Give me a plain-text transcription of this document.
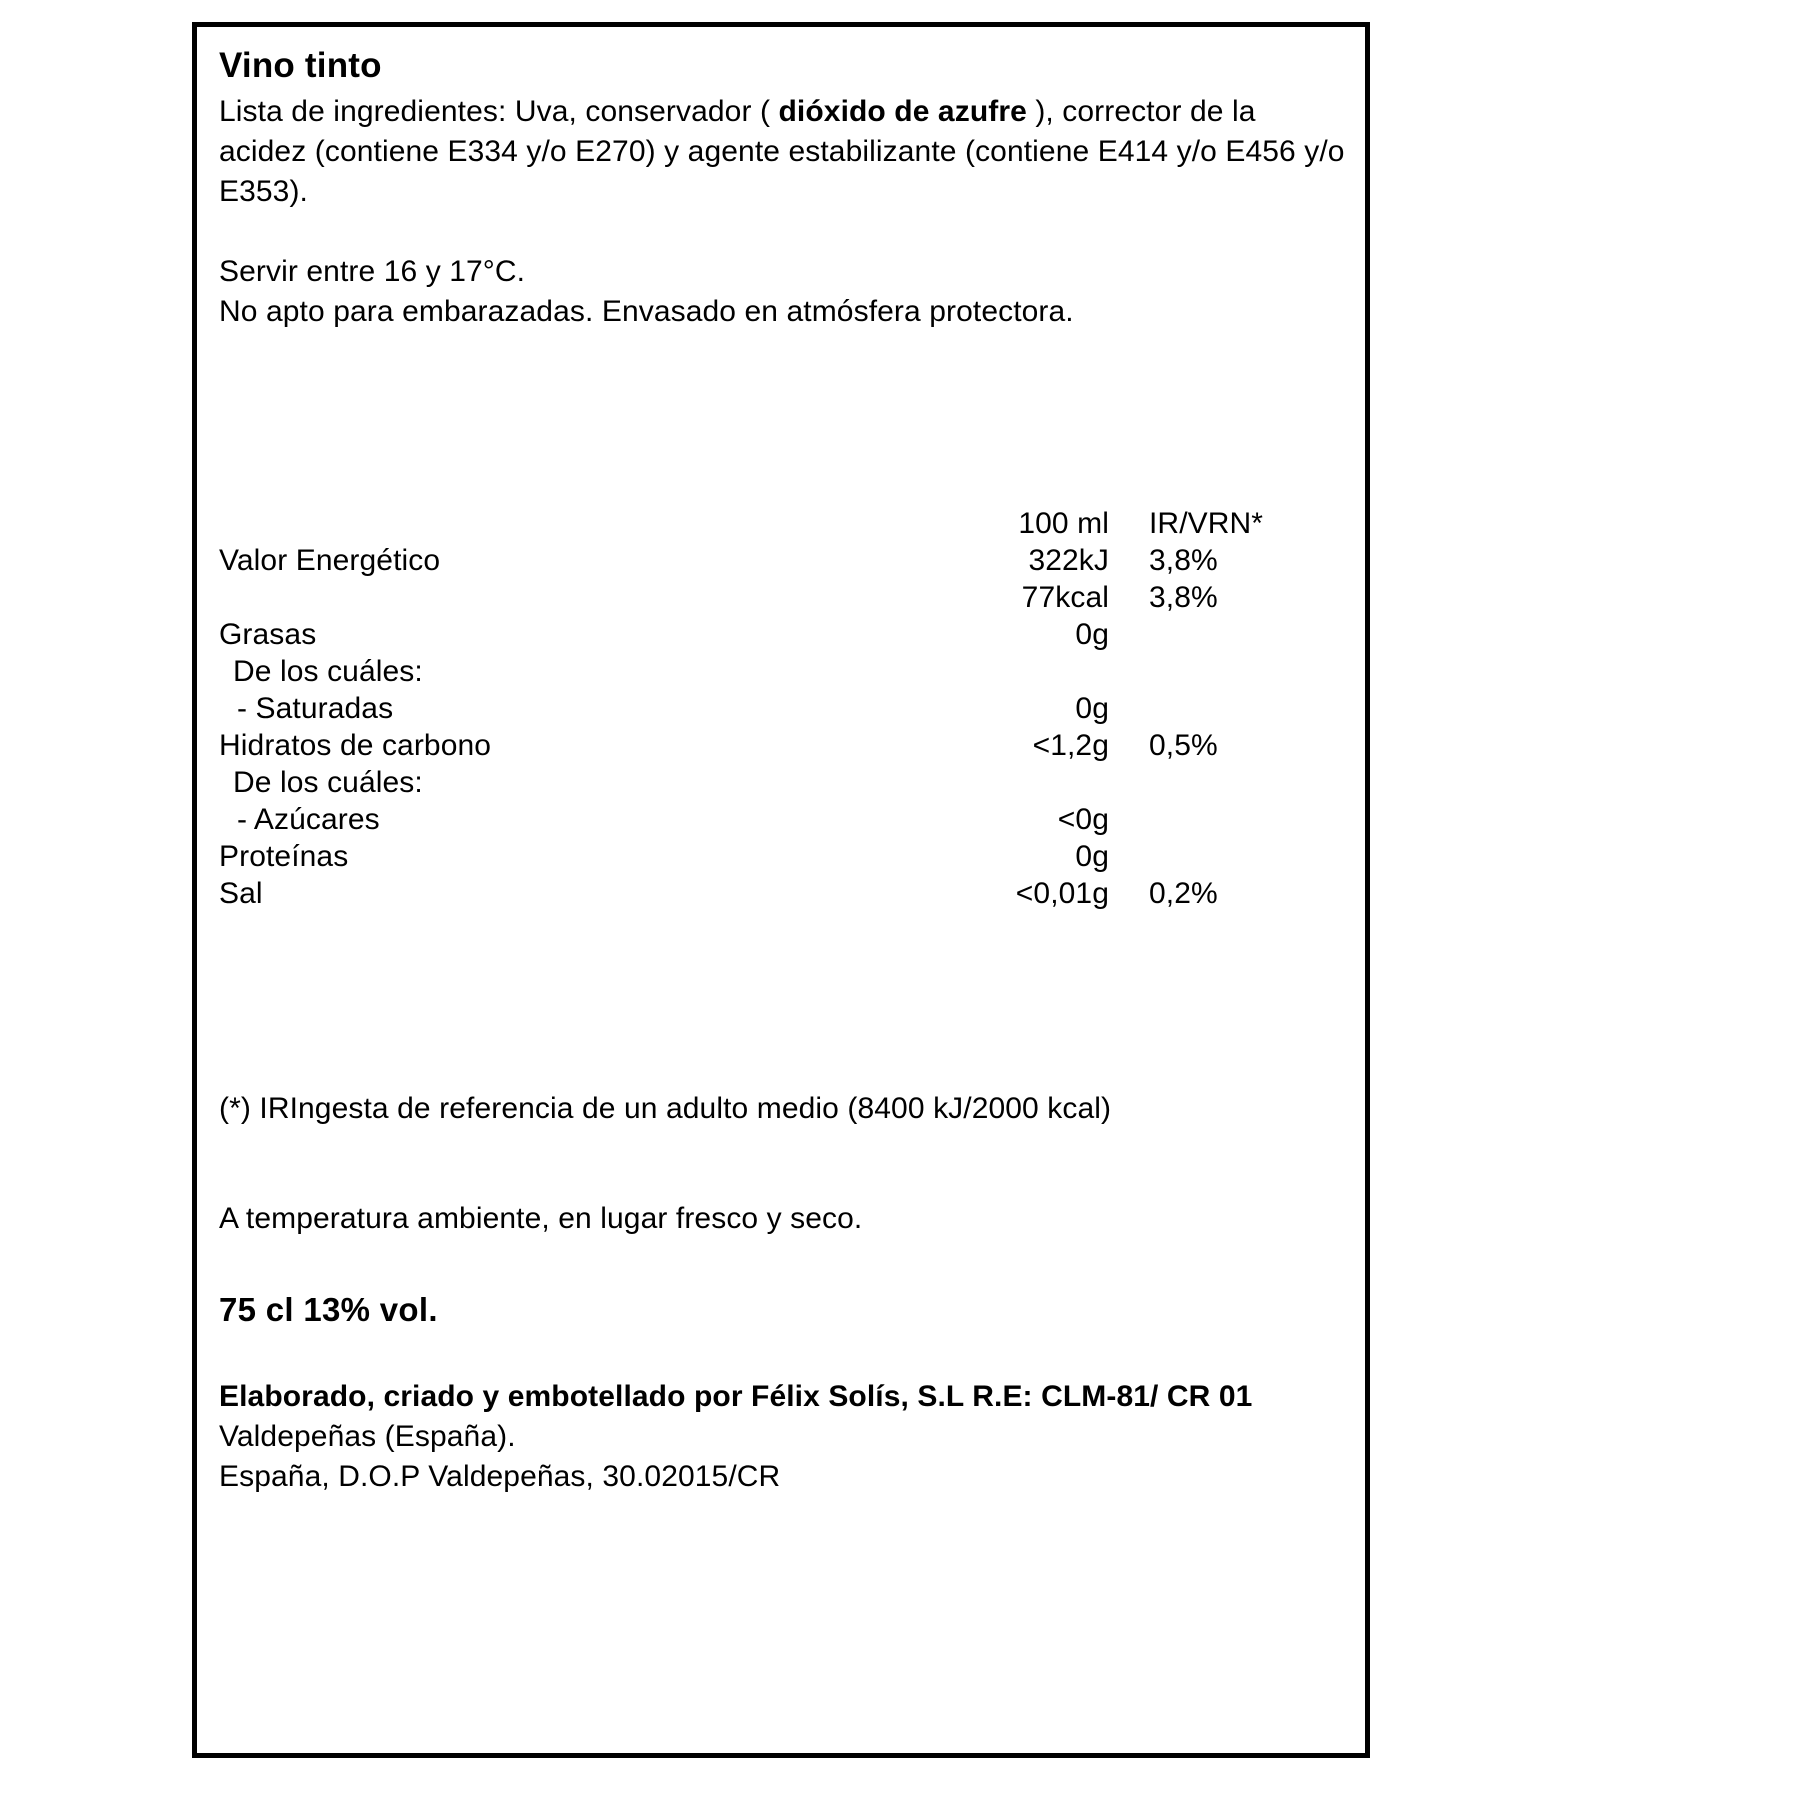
Vino tinto

Lista de ingredientes: Uva, conservador ( dióxido de azufre ), corrector de la acidez (contiene E334 y/o E270) y agente estabilizante (contiene E414 y/o E456 y/o E353).

Servir entre 16 y 17°C.

No apto para embarazadas. Envasado en atmósfera protectora.

100 ml IR/VRN*
Valor Energético	322kJ 3,8%
77kcal 3,8%
Grasas	0g
De los cuáles:
- Saturadas	0g
Hidratos de carbono	<1,2g 0,5%
De los cuáles:
- Azúcares	<0g
Proteínas	0g
Sal	<0,01g 0,2%

(*) IRIngesta de referencia de un adulto medio (8400 kJ/2000 kcal)

A temperatura ambiente, en lugar fresco y seco.

75 cl 13% vol.

Elaborado, criado y embotellado por Félix Solís, S.L R.E: CLM-81/ CR 01

Valdepeñas (España).

España, D.O.P Valdepeñas, 30.02015/CR
